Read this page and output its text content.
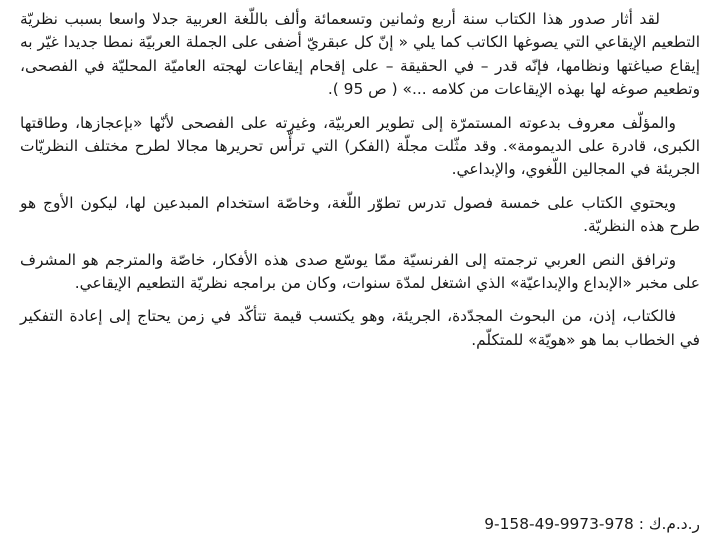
لقد أثار صدور هذا الكتاب سنة أربع وثمانين وتسعمائة وألف باللّغة العربية جدلا واسعا بسبب نظريّة التطعيم الإيقاعي التي يصوغها الكاتب كما يلي « إنّ كل عبقريّ أضفى على الجملة العربيّة نمطا جديدا غيّر به إيقاع صياغتها ونظامها، فإنّه قدر – في الحقيقة – على إقحام إيقاعات لهجته العاميّة المحليّة في الفصحى، وتطعيم صوغه لها بهذه الإيقاعات من كلامه ...» ( ص 95 ).

والمؤلّف معروف بدعوته المستمرّة إلى تطوير العربيّة، وغيرته على الفصحى لأنّها «بإعجازها، وطاقتها الكبرى، قادرة على الديمومة». وقد مثّلت مجلّة (الفكر) التي ترأّس تحريرها مجالا لطرح مختلف النظريّات الجريئة في المجالين اللّغوي، والإبداعي.

ويحتوي الكتاب على خمسة فصول تدرس تطوّر اللّغة، وخاصّة استخدام المبدعين لها، ليكون الأوج هو طرح هذه النظريّة.

وترافق النص العربي ترجمته إلى الفرنسيّة ممّا يوسّع صدى هذه الأفكار، خاصّة والمترجم هو المشرف على مخبر «الإبداع والإبداعيّة» الذي اشتغل لمدّة سنوات، وكان من برامجه نظريّة التطعيم الإيقاعي.

فالكتاب، إذن، من البحوث المجدّدة، الجريئة، وهو يكتسب قيمة تتأكّد في زمن يحتاج إلى إعادة التفكير في الخطاب بما هو «هويّة» للمتكلّم.

ر.د.م.ك : 978-9973-49-158-9
